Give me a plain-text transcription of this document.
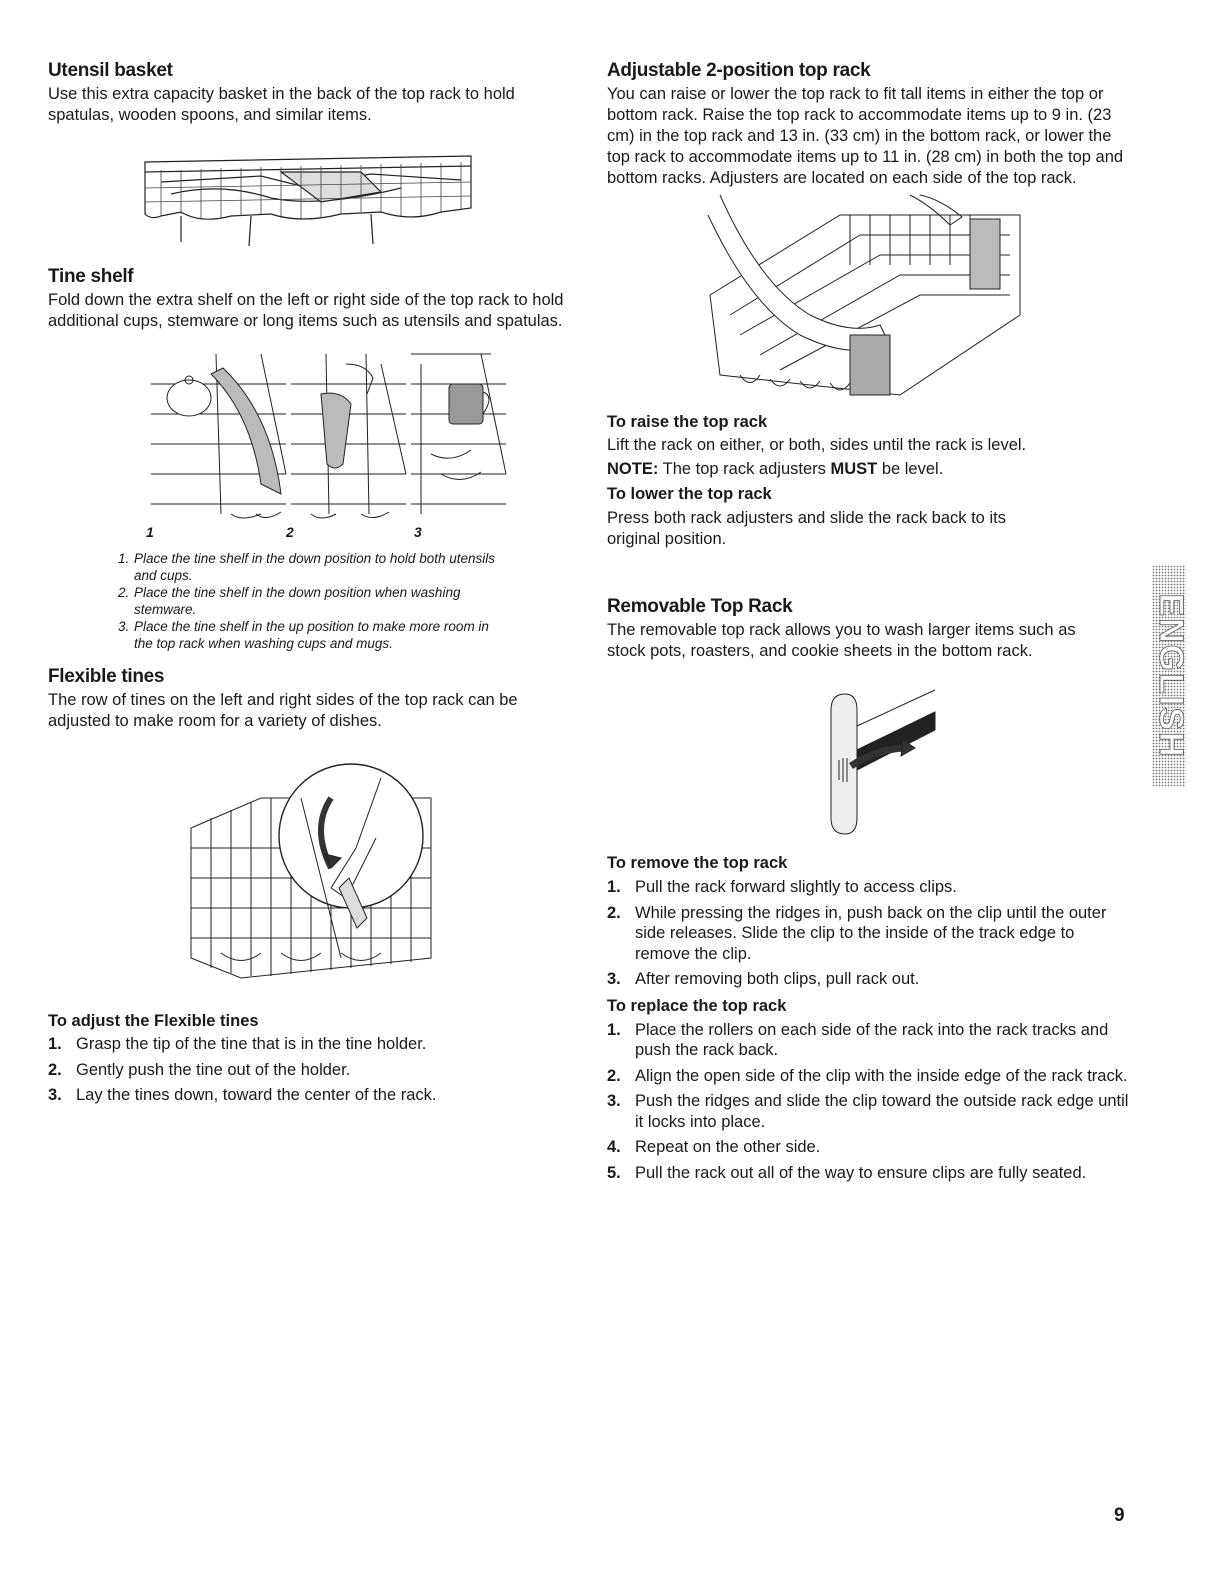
Utensil basket

Use this extra capacity basket in the back of the top rack to hold spatulas, wooden spoons, and similar items.

Tine shelf

Fold down the extra shelf on the left or right side of the top rack to hold additional cups, stemware or long items such as utensils and spatulas.

1	2	3
1. Place the tine shelf in the down position to hold both utensils and cups.
2. Place the tine shelf in the down position when washing stemware.
3. Place the tine shelf in the up position to make more room in the top rack when washing cups and mugs.
Flexible tines

The row of tines on the left and right sides of the top rack can be adjusted to make room for a variety of dishes.

To adjust the Flexible tines
1. Grasp the tip of the tine that is in the tine holder.
2. Gently push the tine out of the holder.
3. Lay the tines down, toward the center of the rack.
Adjustable 2-position top rack

You can raise or lower the top rack to fit tall items in either the top or bottom rack. Raise the top rack to accommodate items up to 9 in. (23 cm) in the top rack and 13 in. (33 cm) in the bottom rack, or lower the top rack to accommodate items up to 11 in. (28 cm) in both the top and bottom racks. Adjusters are located on each side of the top rack.

To raise the top rack

Lift the rack on either, or both, sides until the rack is level.

NOTE: The top rack adjusters MUST be level.

To lower the top rack

Press both rack adjusters and slide the rack back to its original position.

Removable Top Rack

The removable top rack allows you to wash larger items such as stock pots, roasters, and cookie sheets in the bottom rack.

To remove the top rack
1. Pull the rack forward slightly to access clips.
2. While pressing the ridges in, push back on the clip until the outer side releases. Slide the clip to the inside of the track edge to remove the clip.
3. After removing both clips, pull rack out.
To replace the top rack
1. Place the rollers on each side of the rack into the rack tracks and push the rack back.
2. Align the open side of the clip with the inside edge of the rack track.
3. Push the ridges and slide the clip toward the outside rack edge until it locks into place.
4. Repeat on the other side.
5. Pull the rack out all of the way to ensure clips are fully seated.
ENGLISH
9
